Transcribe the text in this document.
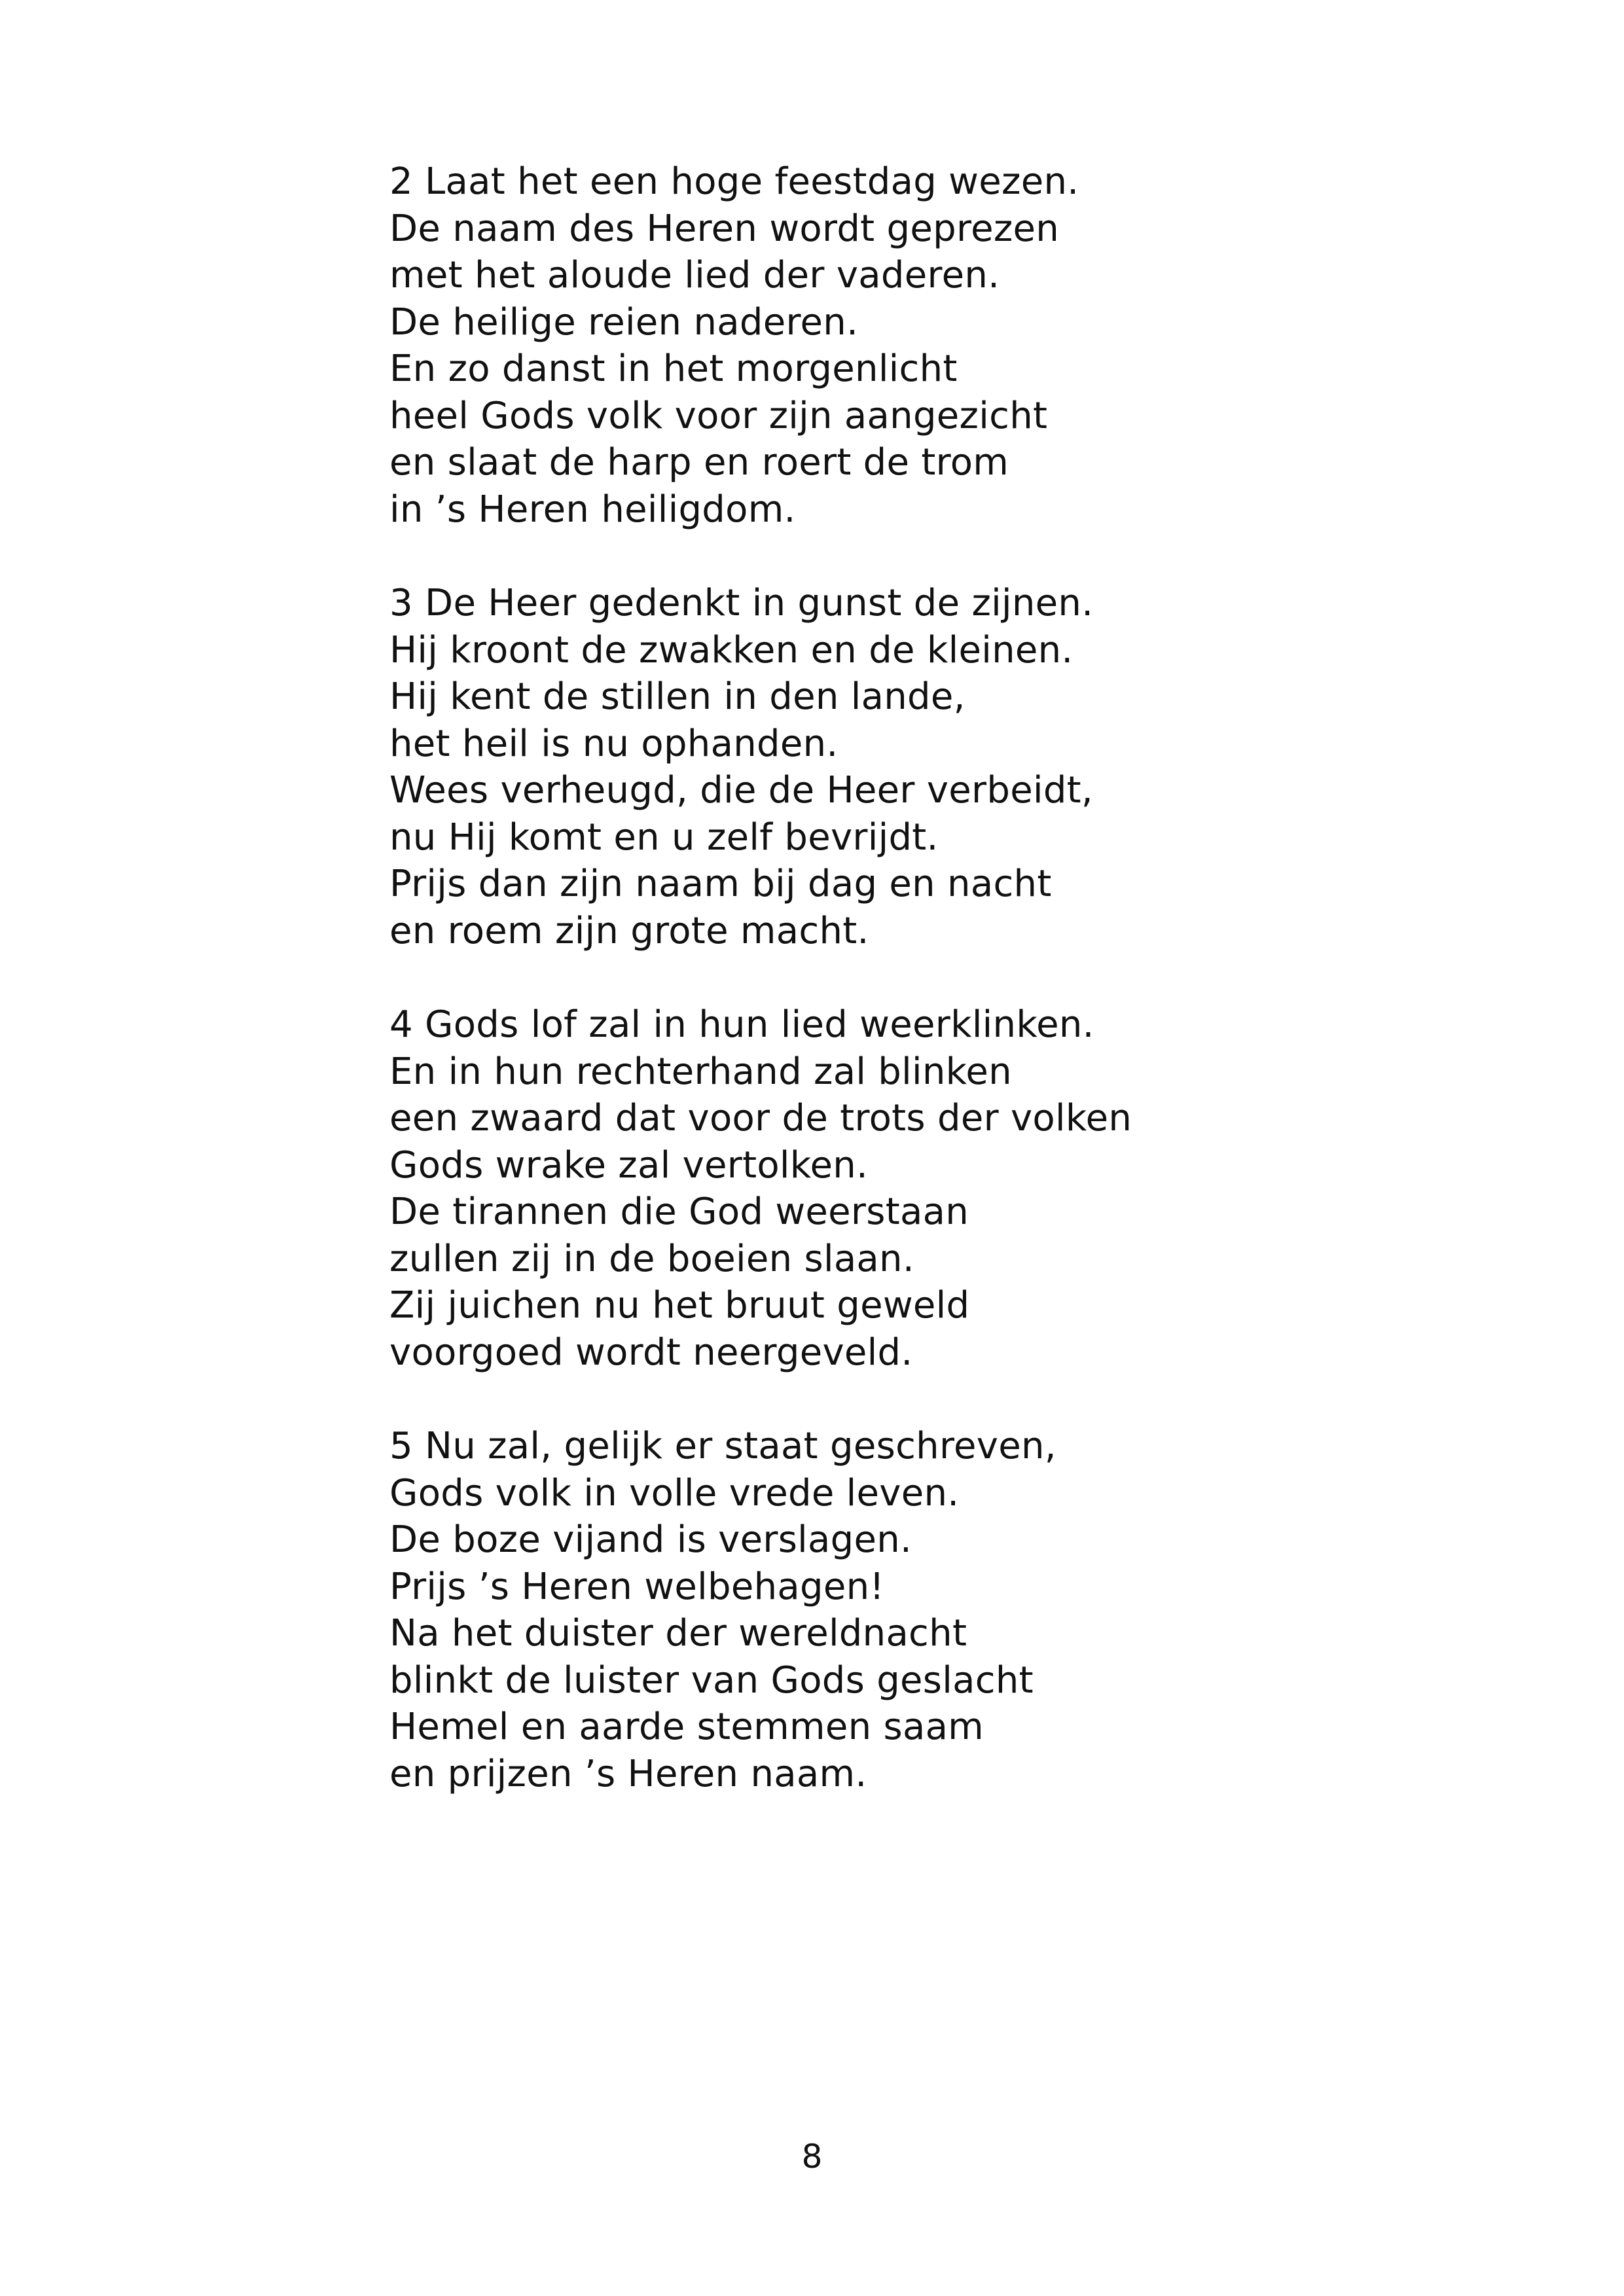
2 Laat het een hoge feestdag wezen.
De naam des Heren wordt geprezen
met het aloude lied der vaderen.
De heilige reien naderen.
En zo danst in het morgenlicht
heel Gods volk voor zijn aangezicht
en slaat de harp en roert de trom
in ’s Heren heiligdom.
3 De Heer gedenkt in gunst de zijnen.
Hij kroont de zwakken en de kleinen.
Hij kent de stillen in den lande,
het heil is nu ophanden.
Wees verheugd, die de Heer verbeidt,
nu Hij komt en u zelf bevrijdt.
Prijs dan zijn naam bij dag en nacht
en roem zijn grote macht.
4 Gods lof zal in hun lied weerklinken.
En in hun rechterhand zal blinken
een zwaard dat voor de trots der volken
Gods wrake zal vertolken.
De tirannen die God weerstaan
zullen zij in de boeien slaan.
Zij juichen nu het bruut geweld
voorgoed wordt neergeveld.
5 Nu zal, gelijk er staat geschreven,
Gods volk in volle vrede leven.
De boze vijand is verslagen.
Prijs ’s Heren welbehagen!
Na het duister der wereldnacht
blinkt de luister van Gods geslacht
Hemel en aarde stemmen saam
en prijzen ’s Heren naam.
8
